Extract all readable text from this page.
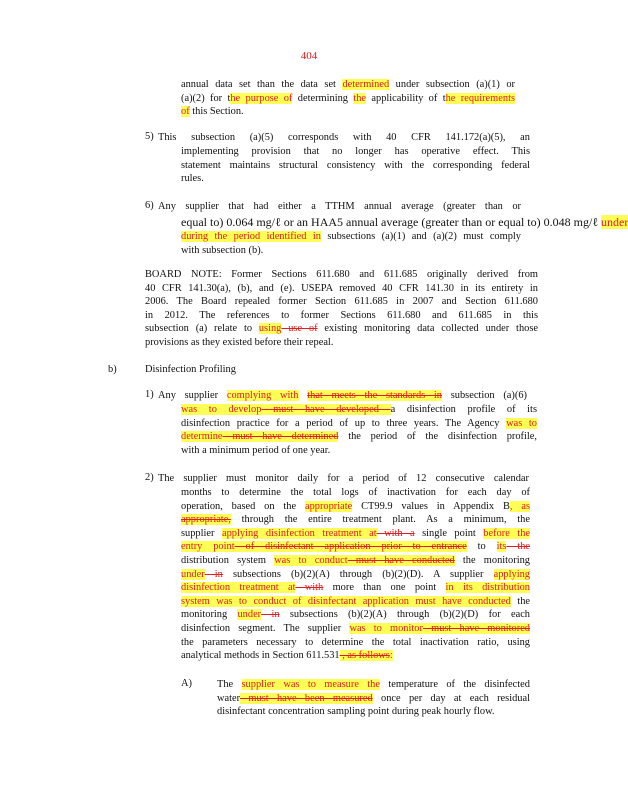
404
annual data set than the data set determined under subsection (a)(1) or
(a)(2) for the purpose of determining the applicability of the requirements
of this Section.
5) This subsection (a)(5) corresponds with 40 CFR 141.172(a)(5), an
implementing provision that no longer has operative effect. This
statement maintains structural consistency with the corresponding federal
rules.
6) Any supplier that had either a TTHM annual average (greater than or
equal to) 0.064 mg/ℓ or an HAA5 annual average (greater than or equal to) 0.048 mg/ℓ under
during the period identified in subsections (a)(1) and (a)(2) must comply
with subsection (b).
BOARD NOTE: Former Sections 611.680 and 611.685 originally derived from
40 CFR 141.30(a), (b), and (e). USEPA removed 40 CFR 141.30 in its entirety in
2006. The Board repealed former Section 611.685 in 2007 and Section 611.680
in 2012. The references to former Sections 611.680 and 611.685 in this
subsection (a) relate to using use of existing monitoring data collected under those
provisions as they existed before their repeal.
b)	Disinfection Profiling
1) Any supplier complying with that meets the standards in subsection (a)(6)
was to develop must have developed a disinfection profile of its
disinfection practice for a period of up to three years. The Agency was to
determine must have determined the period of the disinfection profile,
with a minimum period of one year.
2) The supplier must monitor daily for a period of 12 consecutive calendar
months to determine the total logs of inactivation for each day of
operation, based on the appropriate CT99.9 values in Appendix B, as
appropriate, through the entire treatment plant. As a minimum, the
supplier applying disinfection treatment at with a single point before the
entry point of disinfectant application prior to entrance to its the
distribution system was to conduct must have conducted the monitoring
under in subsections (b)(2)(A) through (b)(2)(D). A supplier applying
disinfection treatment at with more than one point in its distribution
system was to conduct of disinfectant application must have conducted the
monitoring under in subsections (b)(2)(A) through (b)(2)(D) for each
disinfection segment. The supplier was to monitor must have monitored
the parameters necessary to determine the total inactivation ratio, using
analytical methods in Section 611.531 , as follows:
A) The supplier was to measure the temperature of the disinfected
water must have been measured once per day at each residual
disinfectant concentration sampling point during peak hourly flow.
